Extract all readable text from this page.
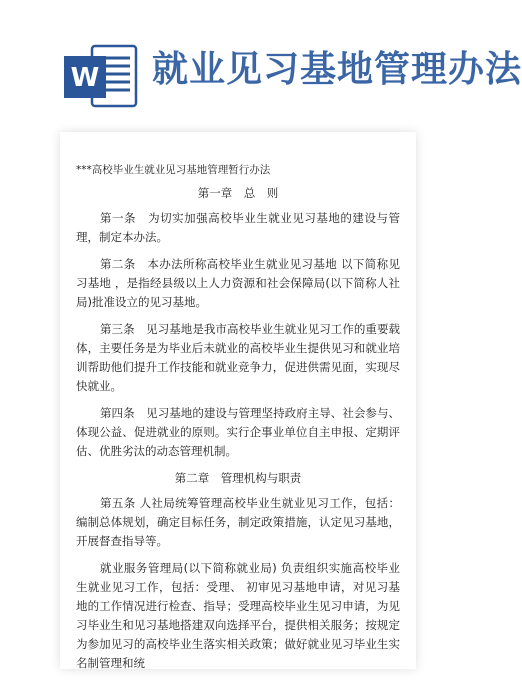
W 就业见习基地管理办法
***高校毕业生就业见习基地管理暂行办法
第一章　总　则
第一条　为切实加强高校毕业生就业见习基地的建设与管理，制定本办法。
第二条　本办法所称高校毕业生就业见习基地 以下简称见习基地 ，是指经县级以上人力资源和社会保障局(以下简称人社局)批准设立的见习基地。
第三条　见习基地是我市高校毕业生就业见习工作的重要载体，主要任务是为毕业后未就业的高校毕业生提供见习和就业培训帮助他们提升工作技能和就业竞争力，促进供需见面，实现尽快就业。
第四条　见习基地的建设与管理坚持政府主导、社会参与、体现公益、促进就业的原则。实行企事业单位自主申报、定期评估、优胜劣汰的动态管理机制。
第二章　管理机构与职责
第五条 人社局统筹管理高校毕业生就业见习工作，包括：编制总体规划，确定目标任务，制定政策措施，认定见习基地，开展督查指导等。
就业服务管理局(以下简称就业局) 负责组织实施高校毕业生就业见习工作，包括：受理、 初审见习基地申请，对见习基地的工作情况进行检查、指导；受理高校毕业生见习申请，为见习毕业生和见习基地搭建双向选择平台，提供相关服务；按规定为参加见习的高校毕业生落实相关政策；做好就业见习毕业生实名制管理和统
